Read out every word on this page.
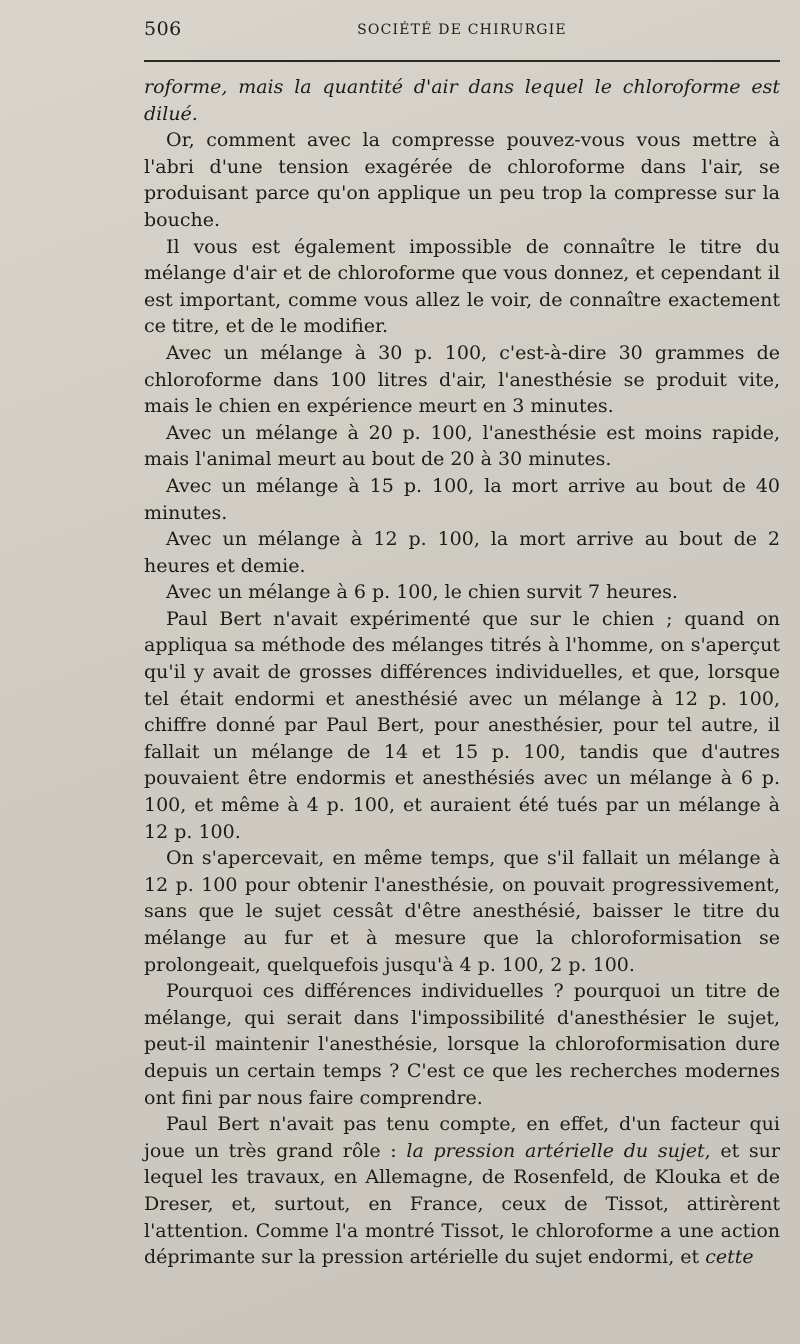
506	SOCIÉTÉ DE CHIRURGIE

roforme, mais la quantité d'air dans lequel le chloroforme est dilué.

Or, comment avec la compresse pouvez-vous vous mettre à l'abri d'une tension exagérée de chloroforme dans l'air, se produisant parce qu'on applique un peu trop la compresse sur la bouche.

Il vous est également impossible de connaître le titre du mélange d'air et de chloroforme que vous donnez, et cependant il est important, comme vous allez le voir, de connaître exactement ce titre, et de le modifier.

Avec un mélange à 30 p. 100, c'est-à-dire 30 grammes de chloroforme dans 100 litres d'air, l'anesthésie se produit vite, mais le chien en expérience meurt en 3 minutes.

Avec un mélange à 20 p. 100, l'anesthésie est moins rapide, mais l'animal meurt au bout de 20 à 30 minutes.

Avec un mélange à 15 p. 100, la mort arrive au bout de 40 minutes.

Avec un mélange à 12 p. 100, la mort arrive au bout de 2 heures et demie.

Avec un mélange à 6 p. 100, le chien survit 7 heures.

Paul Bert n'avait expérimenté que sur le chien ; quand on appliqua sa méthode des mélanges titrés à l'homme, on s'aperçut qu'il y avait de grosses différences individuelles, et que, lorsque tel était endormi et anesthésié avec un mélange à 12 p. 100, chiffre donné par Paul Bert, pour anesthésier, pour tel autre, il fallait un mélange de 14 et 15 p. 100, tandis que d'autres pouvaient être endormis et anesthésiés avec un mélange à 6 p. 100, et même à 4 p. 100, et auraient été tués par un mélange à 12 p. 100.

On s'apercevait, en même temps, que s'il fallait un mélange à 12 p. 100 pour obtenir l'anesthésie, on pouvait progressivement, sans que le sujet cessât d'être anesthésié, baisser le titre du mélange au fur et à mesure que la chloroformisation se prolongeait, quelquefois jusqu'à 4 p. 100, 2 p. 100.

Pourquoi ces différences individuelles ? pourquoi un titre de mélange, qui serait dans l'impossibilité d'anesthésier le sujet, peut-il maintenir l'anesthésie, lorsque la chloroformisation dure depuis un certain temps ? C'est ce que les recherches modernes ont fini par nous faire comprendre.

Paul Bert n'avait pas tenu compte, en effet, d'un facteur qui joue un très grand rôle : la pression artérielle du sujet, et sur lequel les travaux, en Allemagne, de Rosenfeld, de Klouka et de Dreser, et, surtout, en France, ceux de Tissot, attirèrent l'attention. Comme l'a montré Tissot, le chloroforme a une action déprimante sur la pression artérielle du sujet endormi, et cette
